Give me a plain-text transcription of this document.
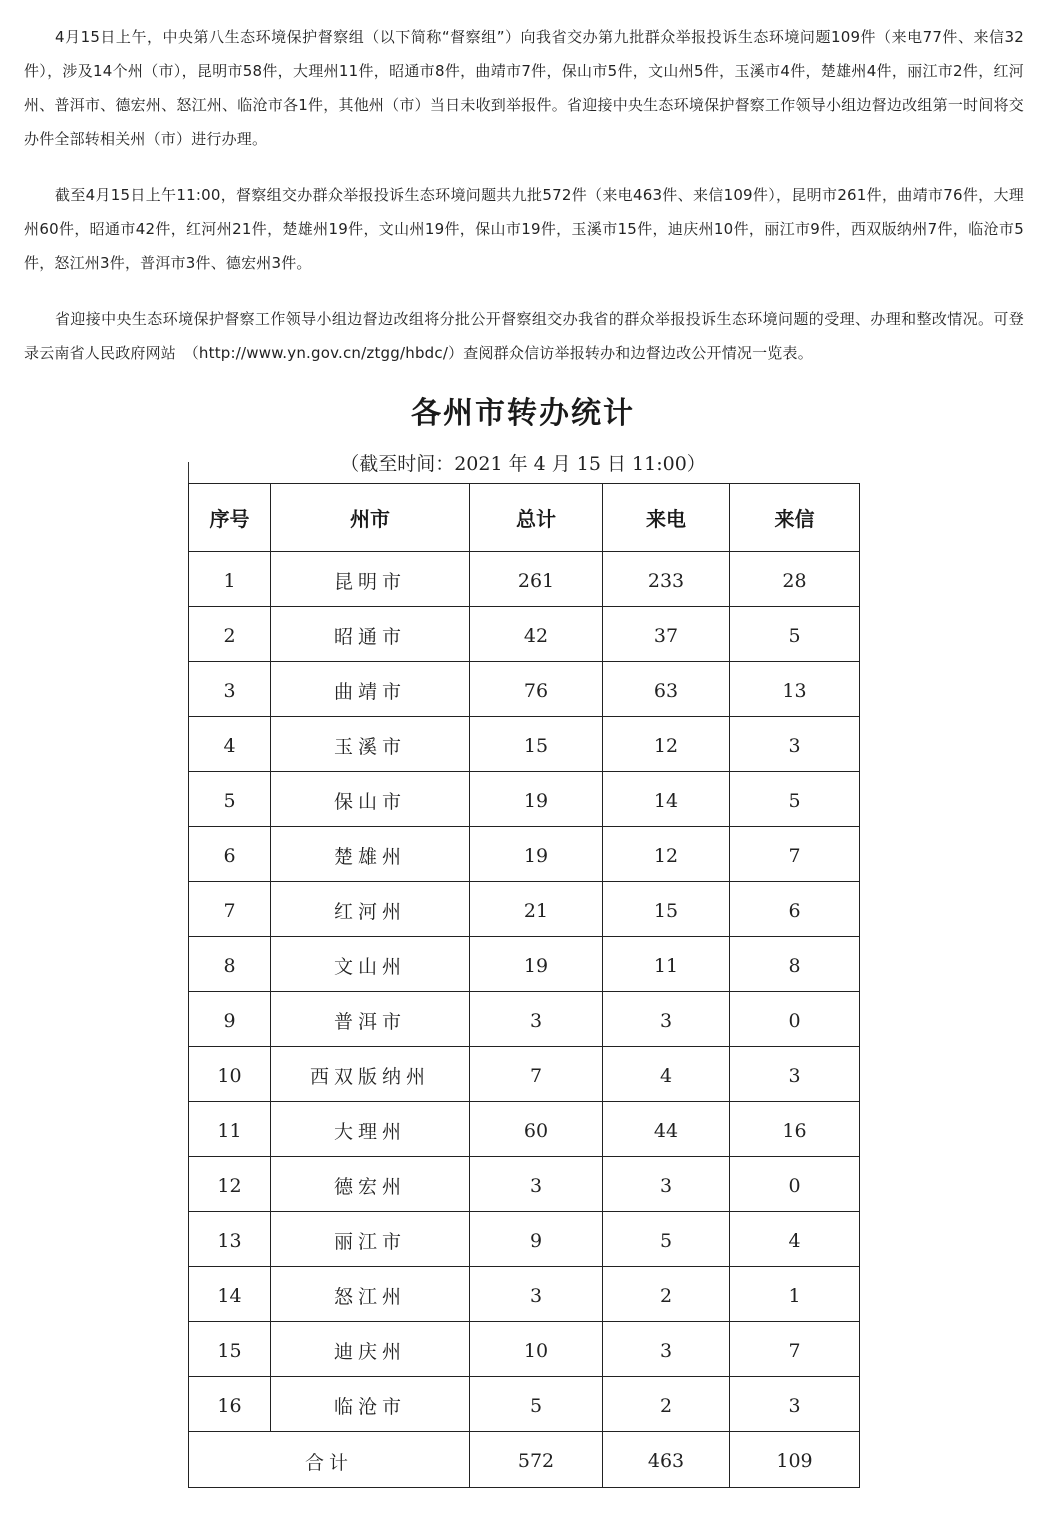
4月15日上午，中央第八生态环境保护督察组（以下简称“督察组”）向我省交办第九批群众举报投诉生态环境问题109件（来电77件、来信32件），涉及14个州（市），昆明市58件，大理州11件，昭通市8件，曲靖市7件，保山市5件，文山州5件，玉溪市4件，楚雄州4件，丽江市2件，红河州、普洱市、德宏州、怒江州、临沧市各1件，其他州（市）当日未收到举报件。省迎接中央生态环境保护督察工作领导小组边督边改组第一时间将交办件全部转相关州（市）进行办理。

截至4月15日上午11:00，督察组交办群众举报投诉生态环境问题共九批572件（来电463件、来信109件），昆明市261件，曲靖市76件，大理州60件，昭通市42件，红河州21件，楚雄州19件，文山州19件，保山市19件，玉溪市15件，迪庆州10件，丽江市9件，西双版纳州7件，临沧市5件，怒江州3件，普洱市3件、德宏州3件。

省迎接中央生态环境保护督察工作领导小组边督边改组将分批公开督察组交办我省的群众举报投诉生态环境问题的受理、办理和整改情况。可登录云南省人民政府网站　（http://www.yn.gov.cn/ztgg/hbdc/）查阅群众信访举报转办和边督边改公开情况一览表。

各州市转办统计
（截至时间：2021 年 4 月 15 日 11:00）
序号	州市	总计	来电	来信
1	昆明市	261	233	28
2	昭通市	42	37	5
3	曲靖市	76	63	13
4	玉溪市	15	12	3
5	保山市	19	14	5
6	楚雄州	19	12	7
7	红河州	21	15	6
8	文山州	19	11	8
9	普洱市	3	3	0
10	西双版纳州	7	4	3
11	大理州	60	44	16
12	德宏州	3	3	0
13	丽江市	9	5	4
14	怒江州	3	2	1
15	迪庆州	10	3	7
16	临沧市	5	2	3
合计		572	463	109
